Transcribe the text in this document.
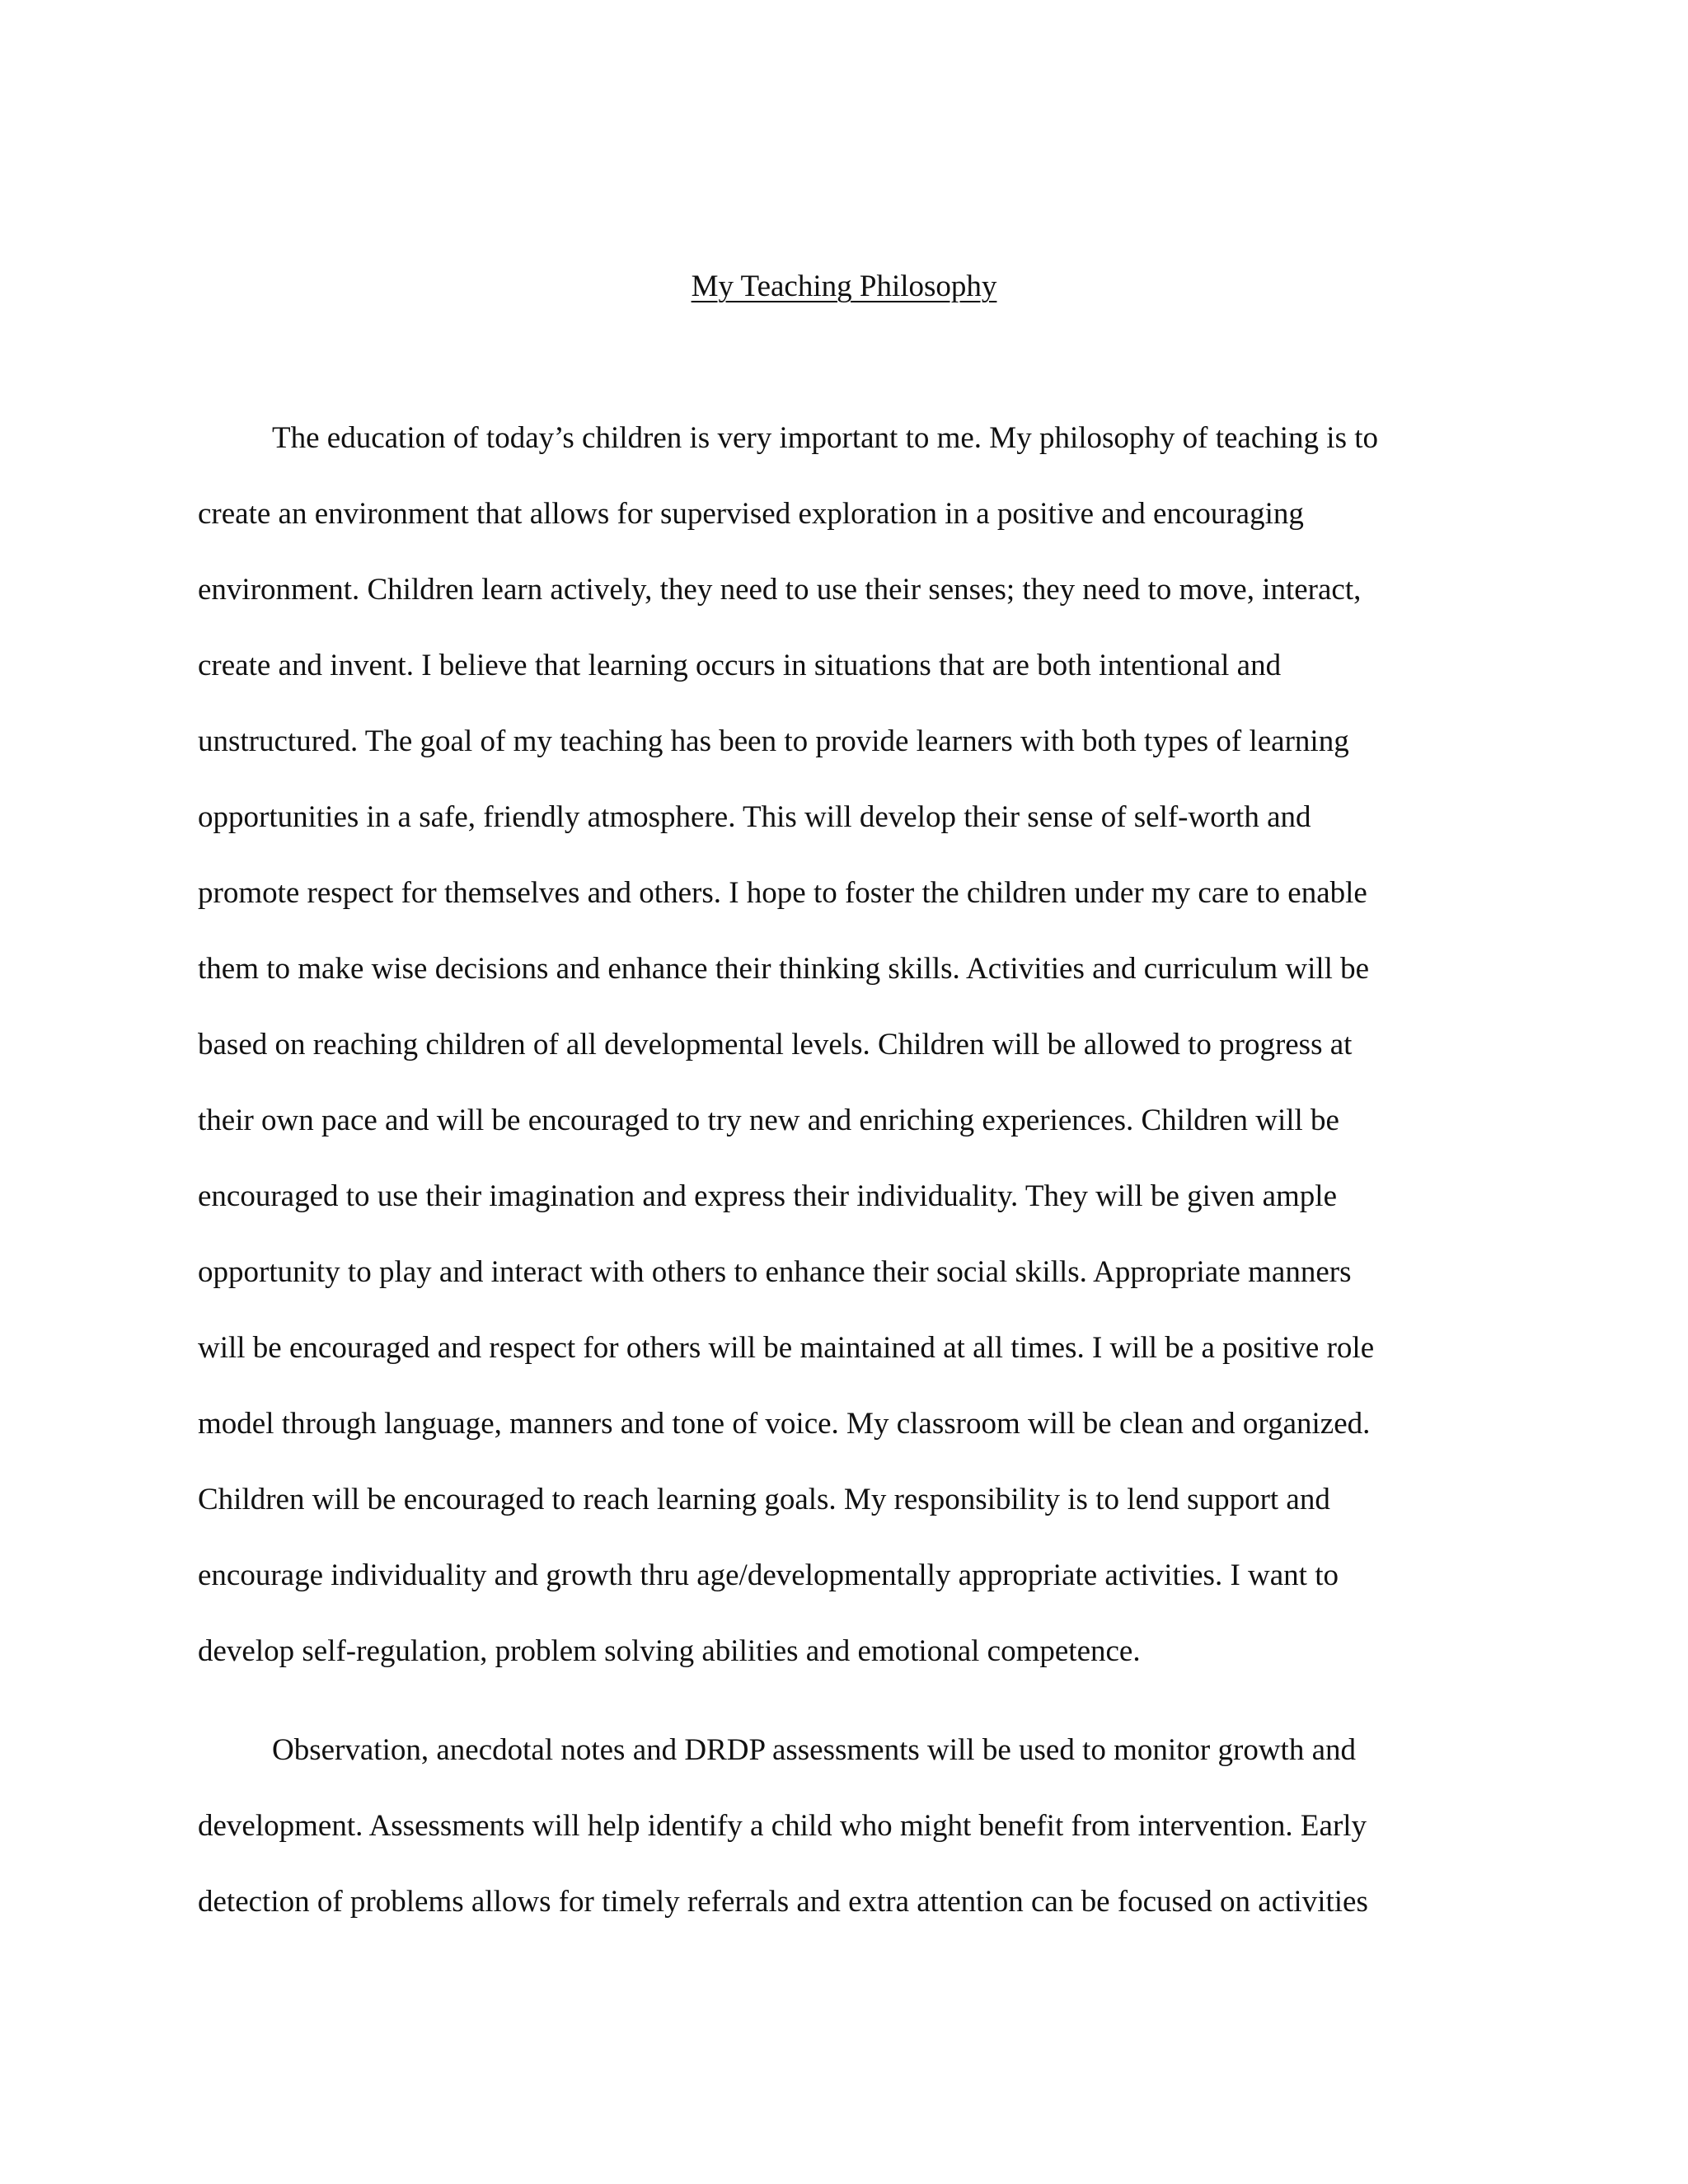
My Teaching Philosophy
The education of today’s children is very important to me. My philosophy of teaching is to
create an environment that allows for supervised exploration in a positive and encouraging
environment. Children learn actively, they need to use their senses; they need to move, interact,
create and invent. I believe that learning occurs in situations that are both intentional and
unstructured. The goal of my teaching has been to provide learners with both types of learning
opportunities in a safe, friendly atmosphere. This will develop their sense of self-worth and
promote respect for themselves and others. I hope to foster the children under my care to enable
them to make wise decisions and enhance their thinking skills. Activities and curriculum will be
based on reaching children of all developmental levels. Children will be allowed to progress at
their own pace and will be encouraged to try new and enriching experiences. Children will be
encouraged to use their imagination and express their individuality. They will be given ample
opportunity to play and interact with others to enhance their social skills. Appropriate manners
will be encouraged and respect for others will be maintained at all times. I will be a positive role
model through language, manners and tone of voice. My classroom will be clean and organized.
Children will be encouraged to reach learning goals. My responsibility is to lend support and
encourage individuality and growth thru age/developmentally appropriate activities. I want to
develop self-regulation, problem solving abilities and emotional competence.
Observation, anecdotal notes and DRDP assessments will be used to monitor growth and
development. Assessments will help identify a child who might benefit from intervention. Early
detection of problems allows for timely referrals and extra attention can be focused on activities
